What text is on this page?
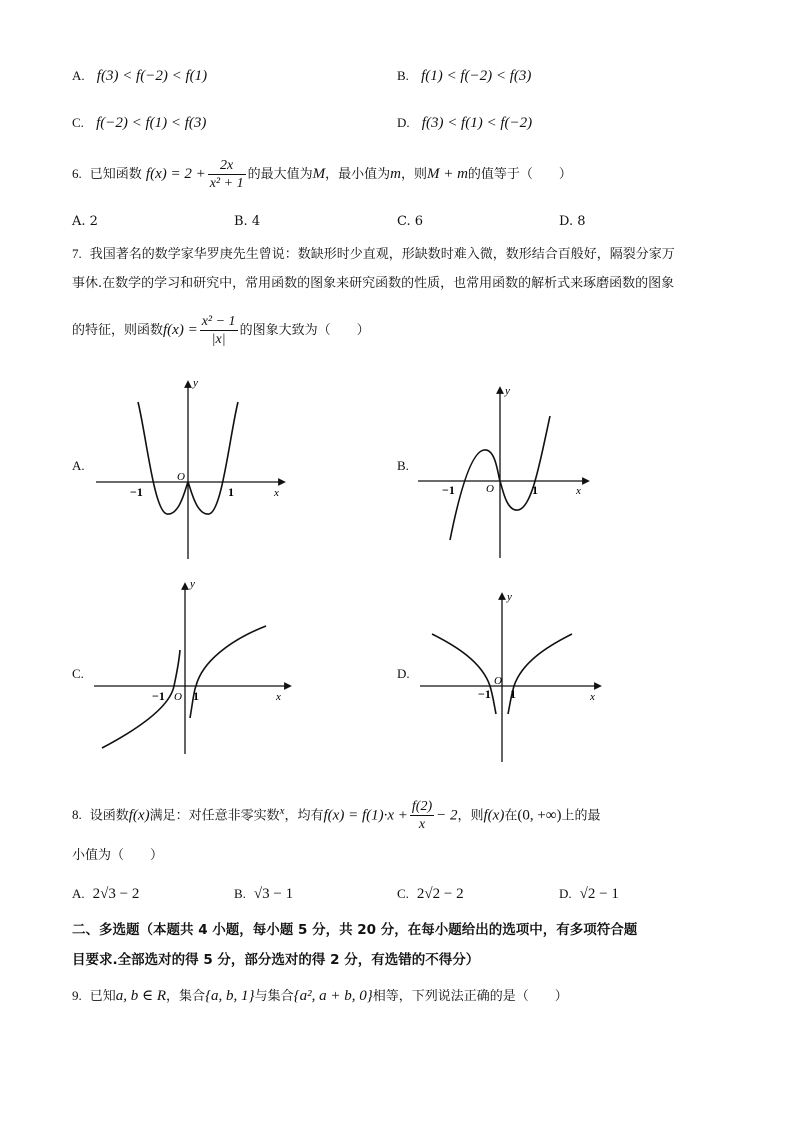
A. f(3) < f(−2) < f(1)	B. f(1) < f(−2) < f(3)
C. f(−2) < f(1) < f(3)	D. f(3) < f(1) < f(−2)
6. 已知函数 $f(x) = 2 + \frac{2x}{\text{x² + 1}}$ 的最大值为M，最小值为m，则M + m的值等于（　　）
A. 2	B. 4	C. 6	D. 8
7. 我国著名的数学家华罗庚先生曾说：数缺形时少直观，形缺数时难入微，数形结合百般好，隔裂分家万
事休.在数学的学习和研究中，常用函数的图象来研究函数的性质，也常用函数的解析式来琢磨函数的图象
的特征，则函数$f(x) = \frac{\text{x² − 1}}{|x|}$ 的图象大致为（　　）
A.	B.
C.	D.
y
x
O
−1	1
y
x
O
−1	1
y
x
O
−1 1
y
x
O
−1 1
8. 设函数f(x)满足：对任意非零实数$^x$，均有$f(x) = f(1)\cdot x + \frac{f(2)}{x} - 2$，则f(x)在(0, +∞)上的最
小值为（　　）
A. 2√3 − 2	B. √3 − 1	C. 2√2 − 2	D. √2 − 1
二、多选题（本题共 4 小题，每小题 5 分，共 20 分，在每小题给出的选项中，有多项符合题
目要求.全部选对的得 5 分，部分选对的得 2 分，有选错的不得分）
9. 已知a, b ∈ R，集合{a, b, 1}与集合{a², a + b, 0}相等，下列说法正确的是（　　）
